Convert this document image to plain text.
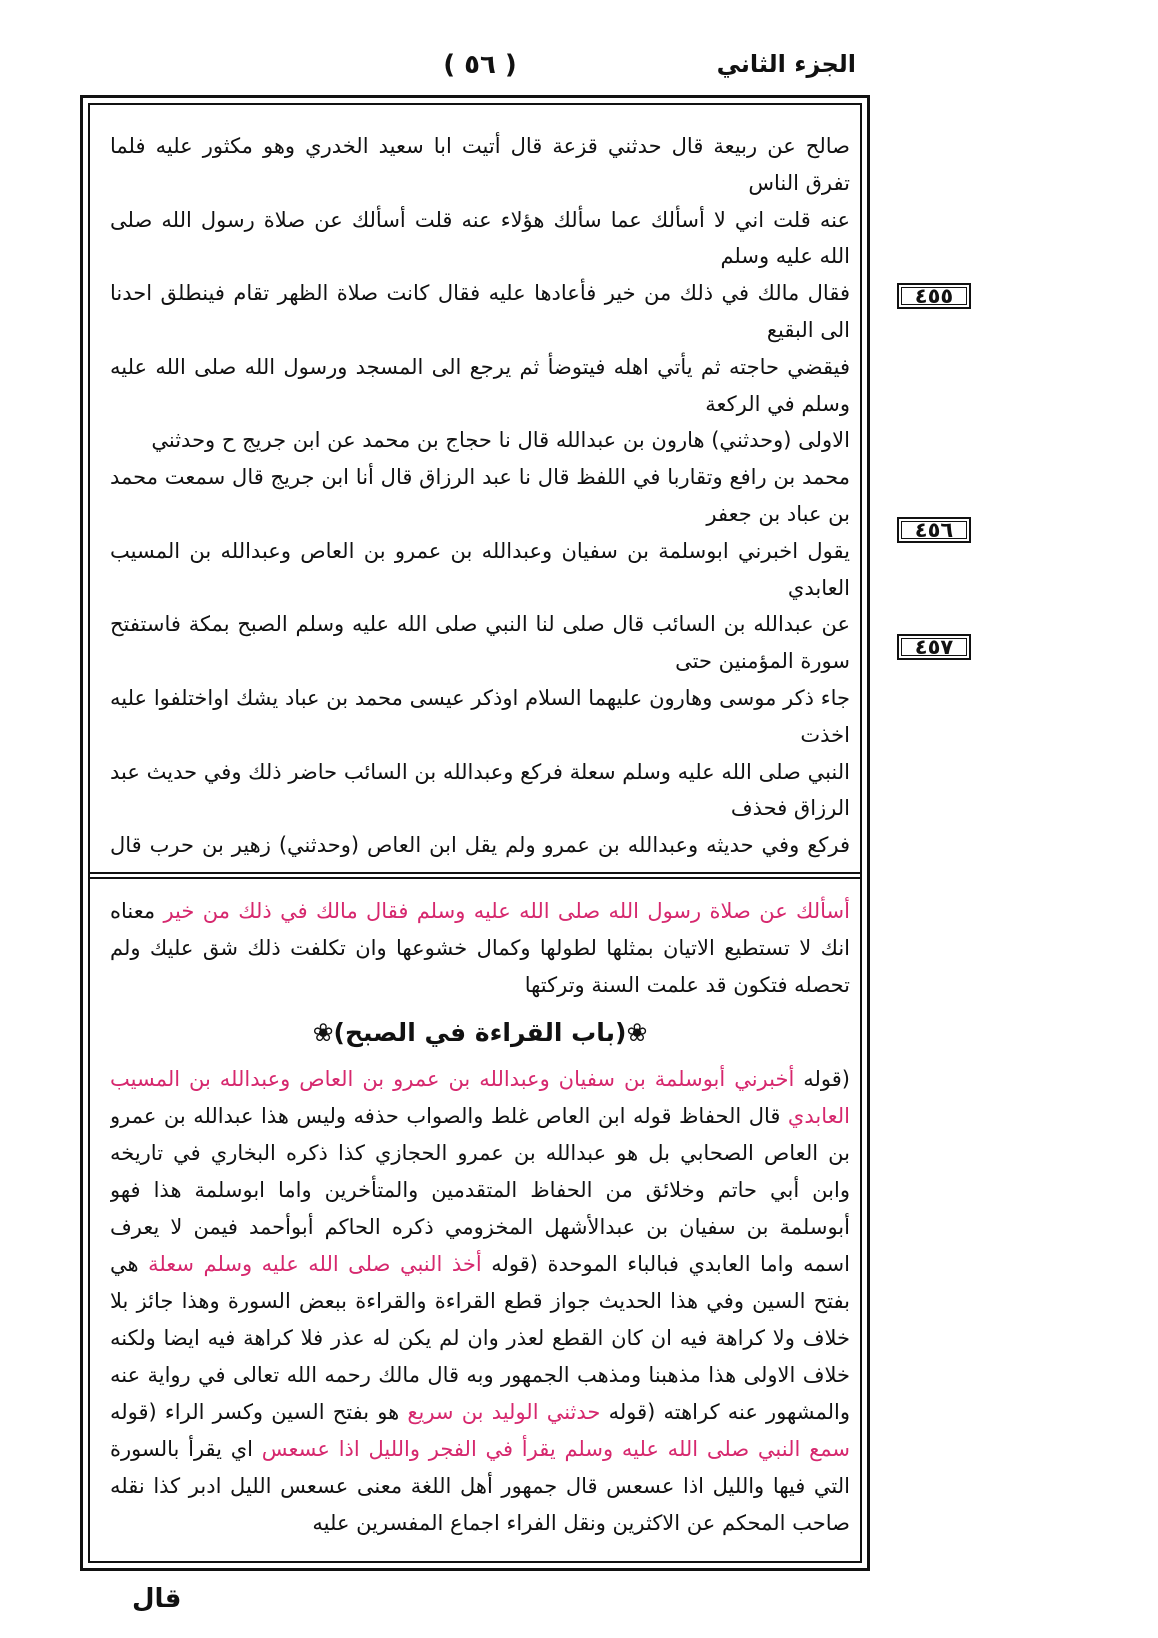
الجزء الثاني
( ٥٦ )

صالح عن ربيعة قال حدثني قزعة قال أتيت ابا سعيد الخدري وهو مكثور عليه فلما تفرق الناس

عنه قلت اني لا أسألك عما سألك هؤلاء عنه قلت أسألك عن صلاة رسول الله صلى الله عليه وسلم

فقال مالك في ذلك من خير فأعادها عليه فقال كانت صلاة الظهر تقام فينطلق احدنا الى البقيع

فيقضي حاجته ثم يأتي اهله فيتوضأ ثم يرجع الى المسجد ورسول الله صلى الله عليه وسلم في الركعة

الاولى (وحدثني) هارون بن عبدالله قال نا حجاج بن محمد عن ابن جريج ح وحدثني

محمد بن رافع وتقاربا في اللفظ قال نا عبد الرزاق قال أنا ابن جريج قال سمعت محمد بن عباد بن جعفر

يقول اخبرني ابوسلمة بن سفيان وعبدالله بن عمرو بن العاص وعبدالله بن المسيب العابدي

عن عبدالله بن السائب قال صلى لنا النبي صلى الله عليه وسلم الصبح بمكة فاستفتح سورة المؤمنين حتى

جاء ذكر موسى وهارون عليهما السلام اوذكر عيسى محمد بن عباد يشك اواختلفوا عليه اخذت

النبي صلى الله عليه وسلم سعلة فركع وعبدالله بن السائب حاضر ذلك وفي حديث عبد الرزاق فحذف

فركع وفي حديثه وعبدالله بن عمرو ولم يقل ابن العاص (وحدثني) زهير بن حرب قال

٤٥٥
٤٥٦
٤٥٧

أسألك عن صلاة رسول الله صلى الله عليه وسلم فقال مالك في ذلك من خير معناه انك لا تستطيع الاتيان بمثلها لطولها وكمال خشوعها وان تكلفت ذلك شق عليك ولم تحصله فتكون قد علمت السنة وتركتها

❀(باب القراءة في الصبح)❀

(قوله أخبرني أبوسلمة بن سفيان وعبدالله بن عمرو بن العاص وعبدالله بن المسيب العابدي قال الحفاظ قوله ابن العاص غلط والصواب حذفه وليس هذا عبدالله بن عمرو بن العاص الصحابي بل هو عبدالله بن عمرو الحجازي كذا ذكره البخاري في تاريخه وابن أبي حاتم وخلائق من الحفاظ المتقدمين والمتأخرين واما ابوسلمة هذا فهو أبوسلمة بن سفيان بن عبدالأشهل المخزومي ذكره الحاكم أبوأحمد فيمن لا يعرف اسمه واما العابدي فبالباء الموحدة (قوله أخذ النبي صلى الله عليه وسلم سعلة هي بفتح السين وفي هذا الحديث جواز قطع القراءة والقراءة ببعض السورة وهذا جائز بلا خلاف ولا كراهة فيه ان كان القطع لعذر وان لم يكن له عذر فلا كراهة فيه ايضا ولكنه خلاف الاولى هذا مذهبنا ومذهب الجمهور وبه قال مالك رحمه الله تعالى في رواية عنه والمشهور عنه كراهته (قوله حدثني الوليد بن سريع هو بفتح السين وكسر الراء (قوله سمع النبي صلى الله عليه وسلم يقرأ في الفجر والليل اذا عسعس اي يقرأ بالسورة التي فيها والليل اذا عسعس قال جمهور أهل اللغة معنى عسعس الليل ادبر كذا نقله صاحب المحكم عن الاكثرين ونقل الفراء اجماع المفسرين عليه

قال
